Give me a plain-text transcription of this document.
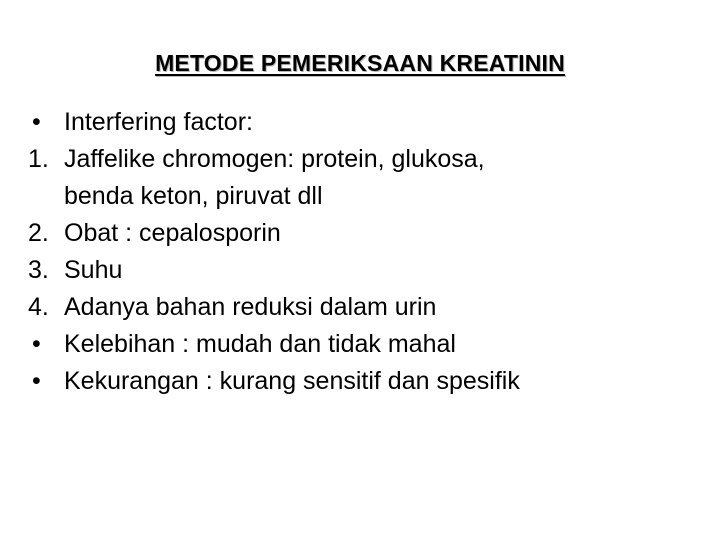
METODE PEMERIKSAAN KREATININ
• Interfering factor:
1. Jaffelike chromogen: protein, glukosa,
benda keton, piruvat dll
2. Obat : cepalosporin
3. Suhu
4. Adanya bahan reduksi dalam urin
• Kelebihan : mudah dan tidak mahal
• Kekurangan : kurang sensitif dan spesifik
